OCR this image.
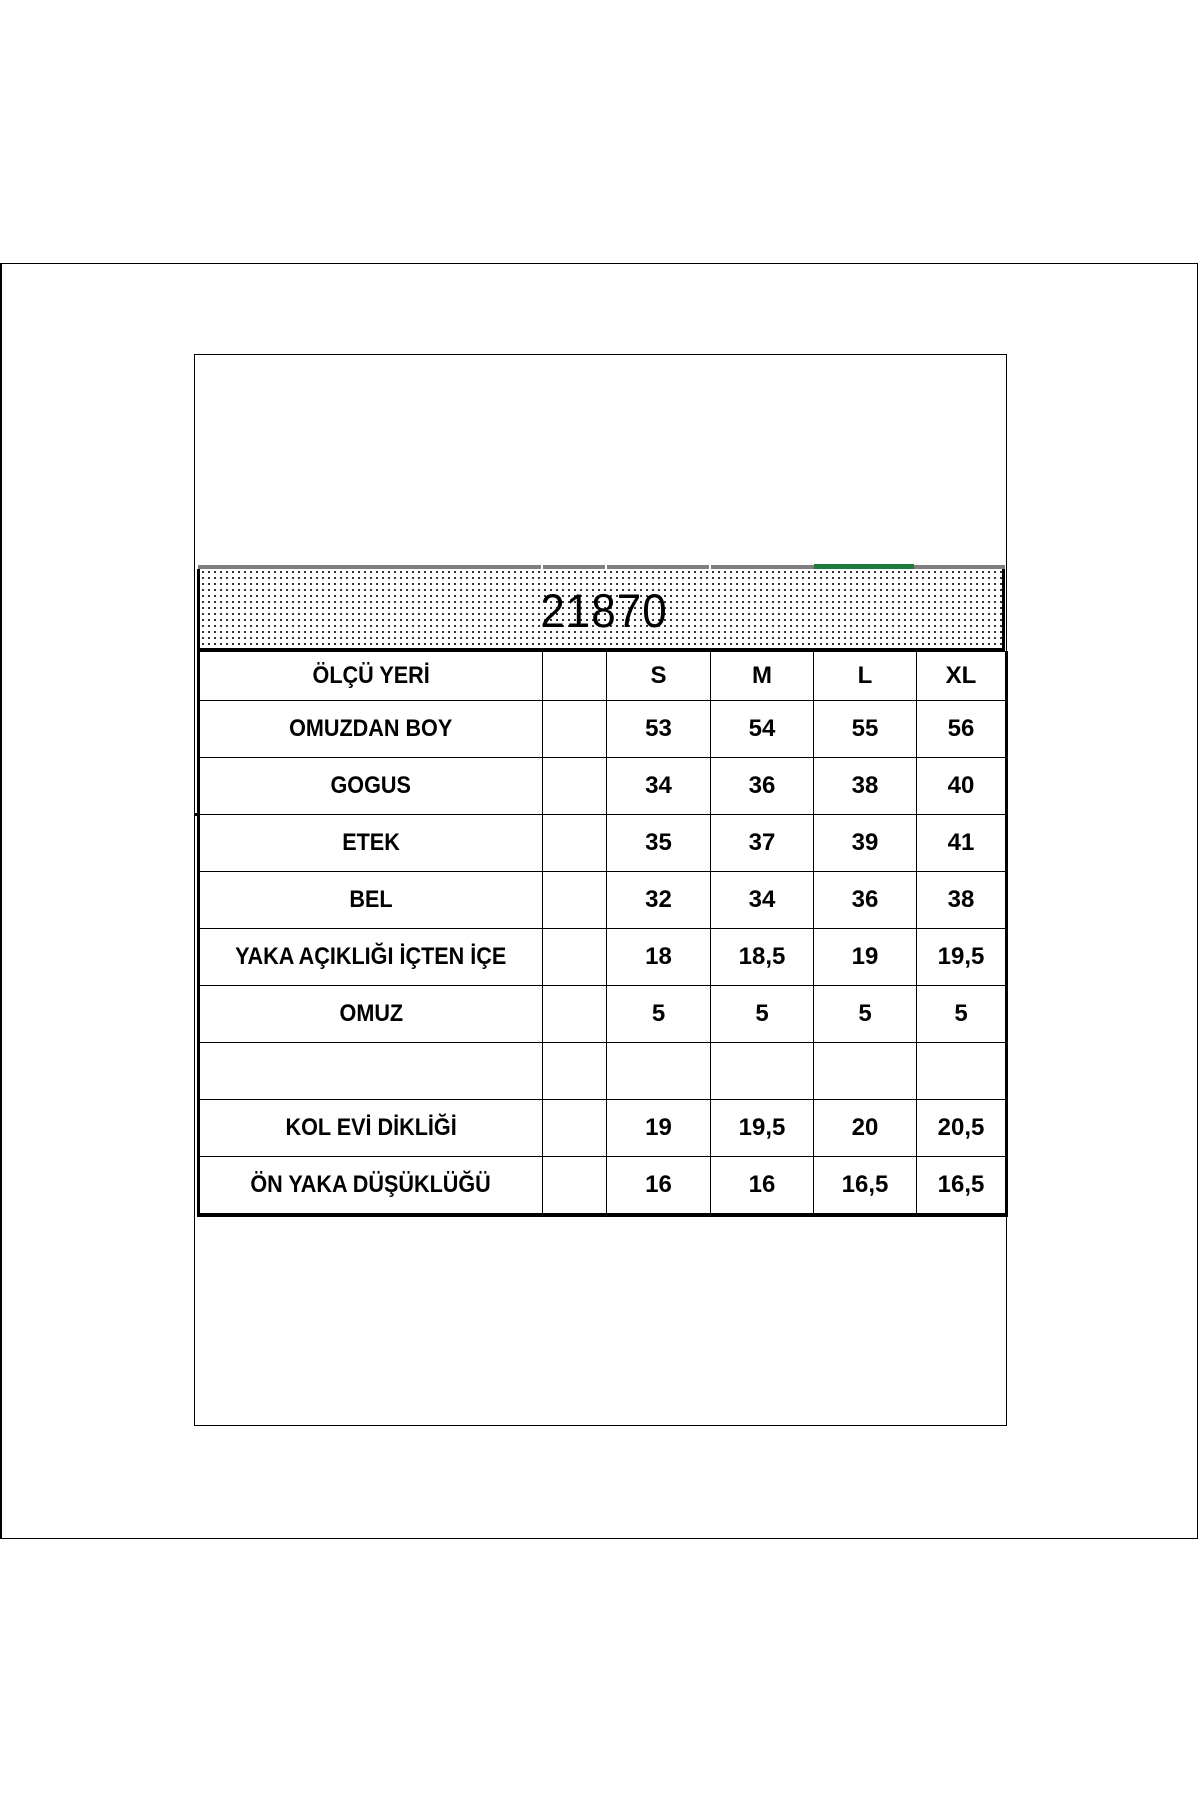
21870
ÖLÇÜ YERİ		S	M	L	XL
OMUZDAN BOY		53	54	55	56
GOGUS		34	36	38	40
ETEK		35	37	39	41
BEL		32	34	36	38
YAKA AÇIKLIĞI İÇTEN İÇE		18	18,5	19	19,5
OMUZ		5	5	5	5

KOL EVİ DİKLİĞİ		19	19,5	20	20,5
ÖN YAKA DÜŞÜKLÜĞÜ		16	16	16,5	16,5
